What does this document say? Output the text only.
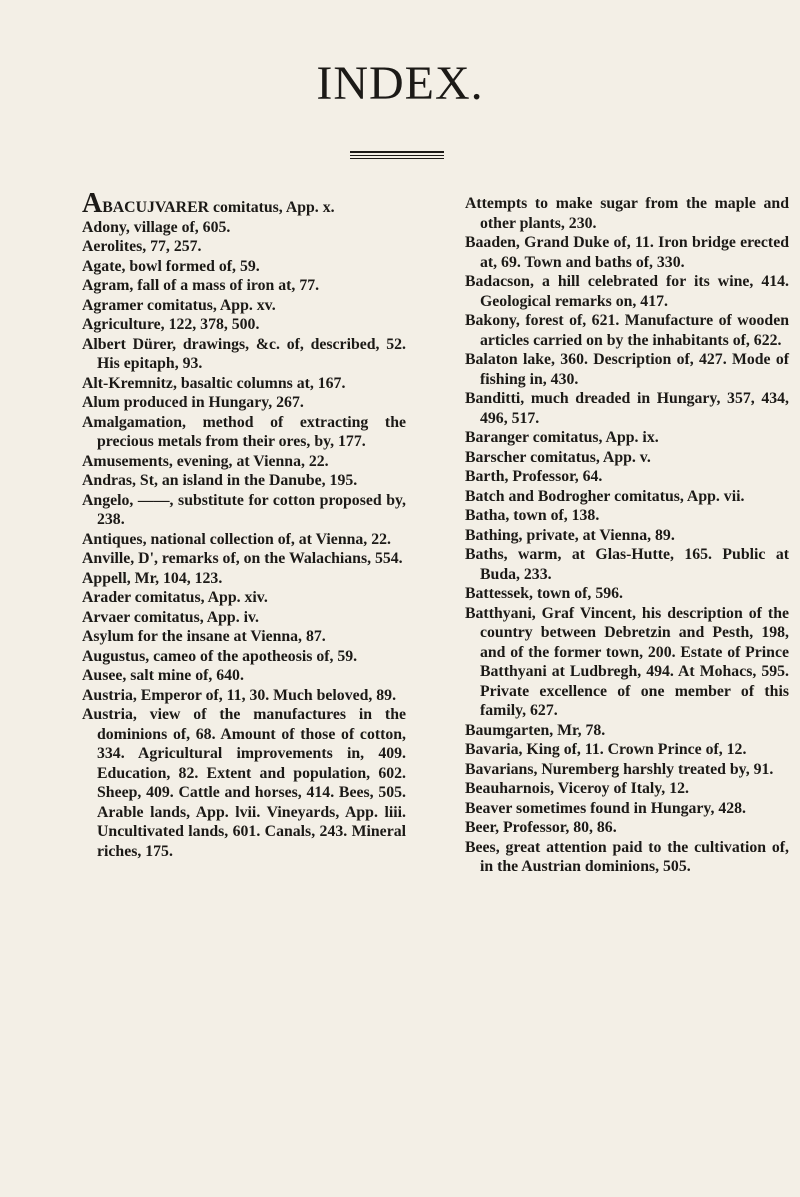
INDEX.

ABACUJVARER comitatus, App. x.

Adony, village of, 605.

Aerolites, 77, 257.

Agate, bowl formed of, 59.

Agram, fall of a mass of iron at, 77.

Agramer comitatus, App. xv.

Agriculture, 122, 378, 500.

Albert Dürer, drawings, &c. of, described, 52. His epitaph, 93.

Alt-Kremnitz, basaltic columns at, 167.

Alum produced in Hungary, 267.

Amalgamation, method of extracting the precious metals from their ores, by, 177.

Amusements, evening, at Vienna, 22.

Andras, St, an island in the Danube, 195.

Angelo, ——, substitute for cotton proposed by, 238.

Antiques, national collection of, at Vienna, 22.

Anville, D', remarks of, on the Walachians, 554.

Appell, Mr, 104, 123.

Arader comitatus, App. xiv.

Arvaer comitatus, App. iv.

Asylum for the insane at Vienna, 87.

Augustus, cameo of the apotheosis of, 59.

Ausee, salt mine of, 640.

Austria, Emperor of, 11, 30. Much beloved, 89.

Austria, view of the manufactures in the dominions of, 68. Amount of those of cotton, 334. Agricultural improvements in, 409. Education, 82. Extent and population, 602. Sheep, 409. Cattle and horses, 414. Bees, 505. Arable lands, App. lvii. Vineyards, App. liii. Uncultivated lands, 601. Canals, 243. Mineral riches, 175.

Attempts to make sugar from the maple and other plants, 230.

Baaden, Grand Duke of, 11. Iron bridge erected at, 69. Town and baths of, 330.

Badacson, a hill celebrated for its wine, 414. Geological remarks on, 417.

Bakony, forest of, 621. Manufacture of wooden articles carried on by the inhabitants of, 622.

Balaton lake, 360. Description of, 427. Mode of fishing in, 430.

Banditti, much dreaded in Hungary, 357, 434, 496, 517.

Baranger comitatus, App. ix.

Barscher comitatus, App. v.

Barth, Professor, 64.

Batch and Bodrogher comitatus, App. vii.

Batha, town of, 138.

Bathing, private, at Vienna, 89.

Baths, warm, at Glas-Hutte, 165. Public at Buda, 233.

Battessek, town of, 596.

Batthyani, Graf Vincent, his description of the country between Debretzin and Pesth, 198, and of the former town, 200. Estate of Prince Batthyani at Ludbregh, 494. At Mohacs, 595. Private excellence of one member of this family, 627.

Baumgarten, Mr, 78.

Bavaria, King of, 11. Crown Prince of, 12.

Bavarians, Nuremberg harshly treated by, 91.

Beauharnois, Viceroy of Italy, 12.

Beaver sometimes found in Hungary, 428.

Beer, Professor, 80, 86.

Bees, great attention paid to the cultivation of, in the Austrian dominions, 505.
